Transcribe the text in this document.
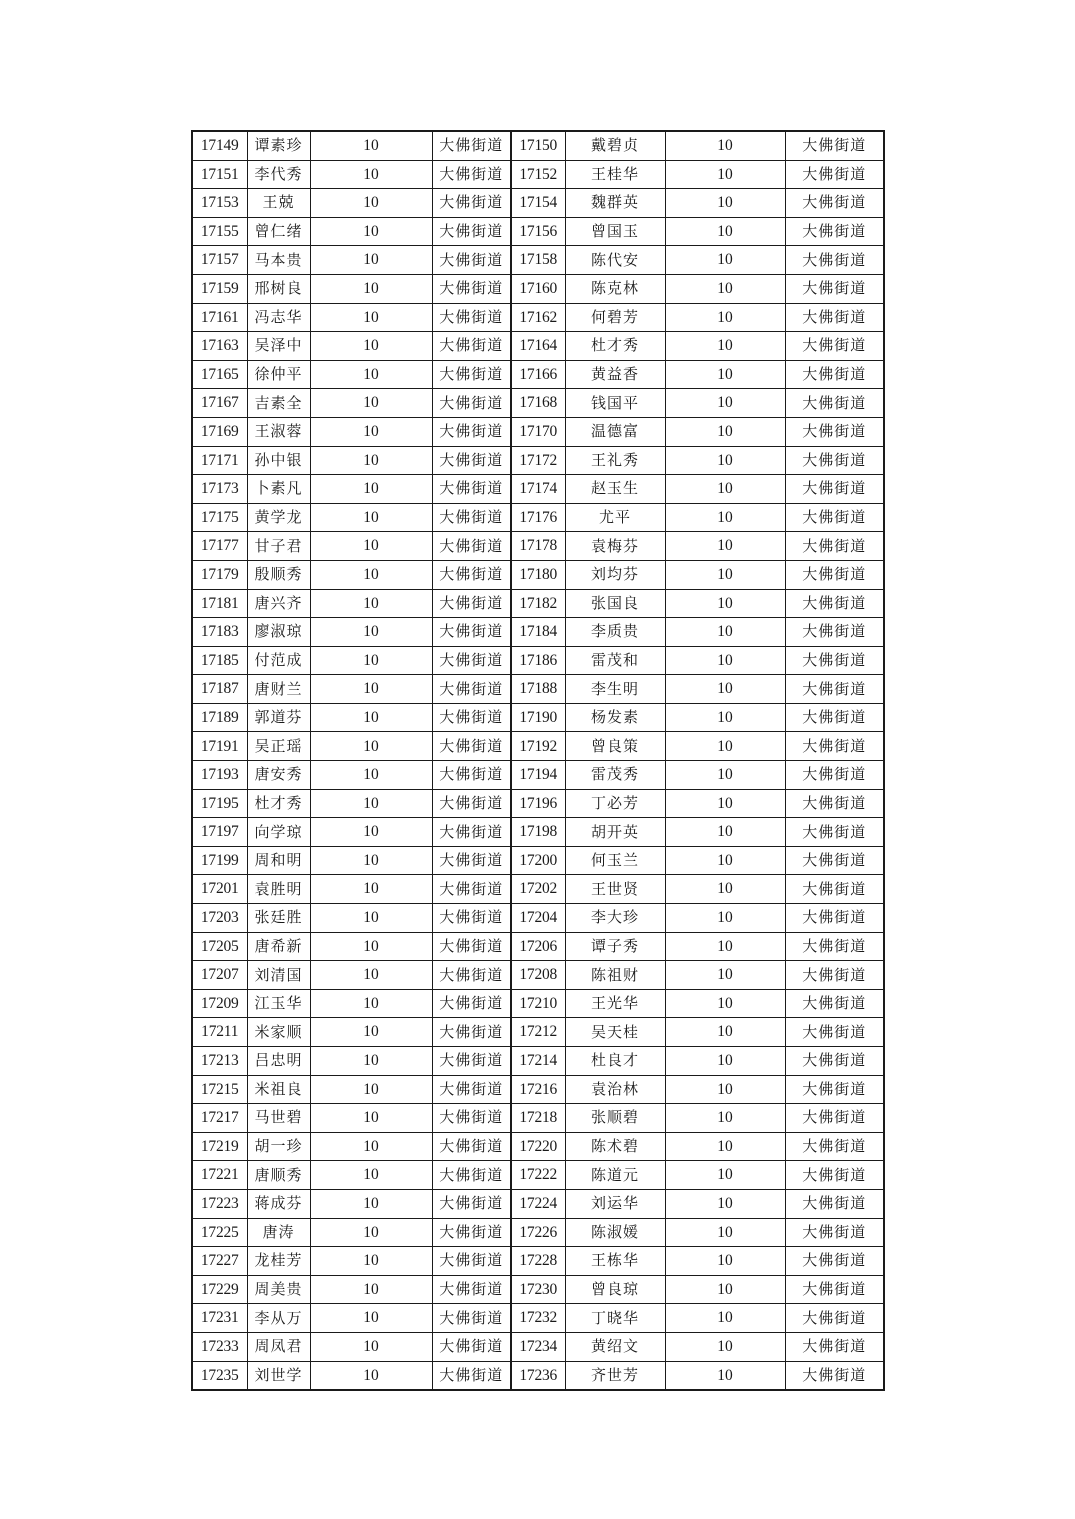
17149	谭素珍	10	大佛街道	17150	戴碧贞	10	大佛街道
17151	李代秀	10	大佛街道	17152	王桂华	10	大佛街道
17153	王兢	10	大佛街道	17154	魏群英	10	大佛街道
17155	曾仁绪	10	大佛街道	17156	曾国玉	10	大佛街道
17157	马本贵	10	大佛街道	17158	陈代安	10	大佛街道
17159	邢树良	10	大佛街道	17160	陈克林	10	大佛街道
17161	冯志华	10	大佛街道	17162	何碧芳	10	大佛街道
17163	吴泽中	10	大佛街道	17164	杜才秀	10	大佛街道
17165	徐仲平	10	大佛街道	17166	黄益香	10	大佛街道
17167	吉素全	10	大佛街道	17168	钱国平	10	大佛街道
17169	王淑蓉	10	大佛街道	17170	温德富	10	大佛街道
17171	孙中银	10	大佛街道	17172	王礼秀	10	大佛街道
17173	卜素凡	10	大佛街道	17174	赵玉生	10	大佛街道
17175	黄学龙	10	大佛街道	17176	尤平	10	大佛街道
17177	甘子君	10	大佛街道	17178	袁梅芬	10	大佛街道
17179	殷顺秀	10	大佛街道	17180	刘均芬	10	大佛街道
17181	唐兴齐	10	大佛街道	17182	张国良	10	大佛街道
17183	廖淑琼	10	大佛街道	17184	李质贵	10	大佛街道
17185	付范成	10	大佛街道	17186	雷茂和	10	大佛街道
17187	唐财兰	10	大佛街道	17188	李生明	10	大佛街道
17189	郭道芬	10	大佛街道	17190	杨发素	10	大佛街道
17191	吴正瑶	10	大佛街道	17192	曾良策	10	大佛街道
17193	唐安秀	10	大佛街道	17194	雷茂秀	10	大佛街道
17195	杜才秀	10	大佛街道	17196	丁必芳	10	大佛街道
17197	向学琼	10	大佛街道	17198	胡开英	10	大佛街道
17199	周和明	10	大佛街道	17200	何玉兰	10	大佛街道
17201	袁胜明	10	大佛街道	17202	王世贤	10	大佛街道
17203	张廷胜	10	大佛街道	17204	李大珍	10	大佛街道
17205	唐希新	10	大佛街道	17206	谭子秀	10	大佛街道
17207	刘清国	10	大佛街道	17208	陈祖财	10	大佛街道
17209	江玉华	10	大佛街道	17210	王光华	10	大佛街道
17211	米家顺	10	大佛街道	17212	吴天桂	10	大佛街道
17213	吕忠明	10	大佛街道	17214	杜良才	10	大佛街道
17215	米祖良	10	大佛街道	17216	袁治林	10	大佛街道
17217	马世碧	10	大佛街道	17218	张顺碧	10	大佛街道
17219	胡一珍	10	大佛街道	17220	陈术碧	10	大佛街道
17221	唐顺秀	10	大佛街道	17222	陈道元	10	大佛街道
17223	蒋成芬	10	大佛街道	17224	刘运华	10	大佛街道
17225	唐涛	10	大佛街道	17226	陈淑媛	10	大佛街道
17227	龙桂芳	10	大佛街道	17228	王栋华	10	大佛街道
17229	周美贵	10	大佛街道	17230	曾良琼	10	大佛街道
17231	李从万	10	大佛街道	17232	丁晓华	10	大佛街道
17233	周凤君	10	大佛街道	17234	黄绍文	10	大佛街道
17235	刘世学	10	大佛街道	17236	齐世芳	10	大佛街道
